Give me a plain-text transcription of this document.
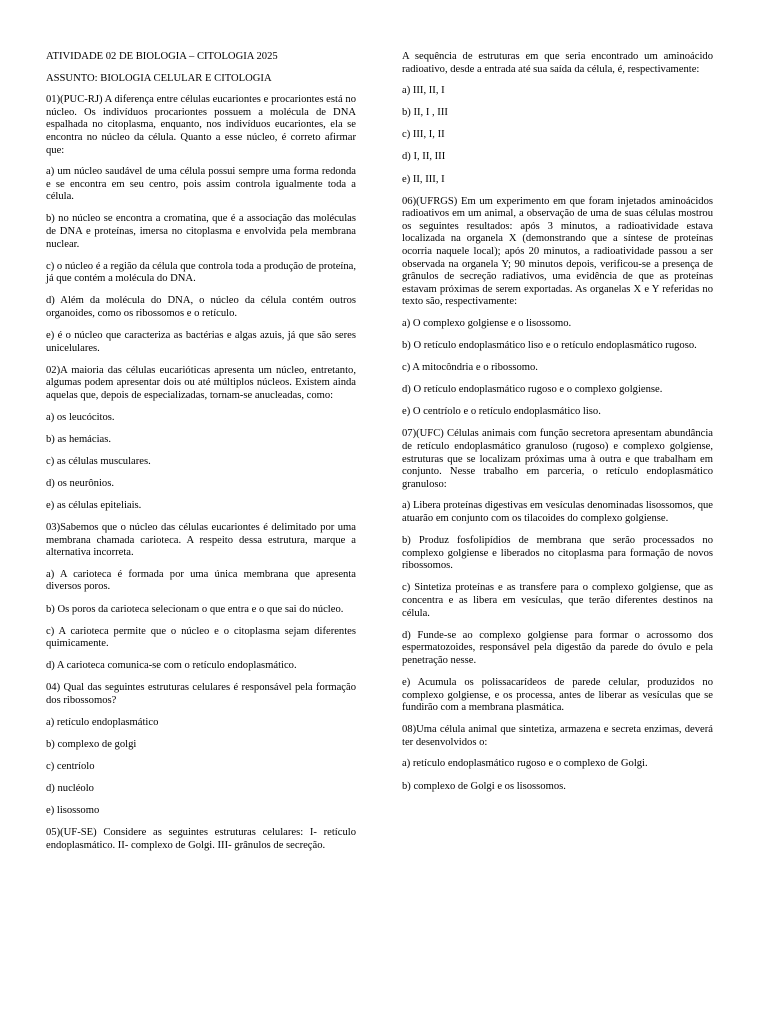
ATIVIDADE 02 DE BIOLOGIA – CITOLOGIA 2025

ASSUNTO: BIOLOGIA CELULAR E CITOLOGIA

01)(PUC-RJ) A diferença entre células eucariontes e procariontes está no núcleo. Os indivíduos procariontes possuem a molécula de DNA espalhada no citoplasma, enquanto, nos indivíduos eucariontes, ela se encontra no núcleo da célula. Quanto a esse núcleo, é correto afirmar que:

a) um núcleo saudável de uma célula possui sempre uma forma redonda e se encontra em seu centro, pois assim controla igualmente toda a célula.

b) no núcleo se encontra a cromatina, que é a associação das moléculas de DNA e proteínas, imersa no citoplasma e envolvida pela membrana nuclear.

c) o núcleo é a região da célula que controla toda a produção de proteína, já que contém a molécula do DNA.

d) Além da molécula do DNA, o núcleo da célula contém outros organoides, como os ribossomos e o retículo.

e) é o núcleo que caracteriza as bactérias e algas azuis, já que são seres unicelulares.

02)A maioria das células eucarióticas apresenta um núcleo, entretanto, algumas podem apresentar dois ou até múltiplos núcleos. Existem ainda aquelas que, depois de especializadas, tornam-se anucleadas, como:

a) os leucócitos.

b) as hemácias.

c) as células musculares.

d) os neurônios.

e) as células epiteliais.

03)Sabemos que o núcleo das células eucariontes é delimitado por uma membrana chamada carioteca. A respeito dessa estrutura, marque a alternativa incorreta.

a) A carioteca é formada por uma única membrana que apresenta diversos poros.

b) Os poros da carioteca selecionam o que entra e o que sai do núcleo.

c) A carioteca permite que o núcleo e o citoplasma sejam diferentes quimicamente.

d) A carioteca comunica-se com o retículo endoplasmático.

04) Qual das seguintes estruturas celulares é responsável pela formação dos ribossomos?

a) retículo endoplasmático

b) complexo de golgi

c) centríolo

d) nucléolo

e) lisossomo

05)(UF-SE) Considere as seguintes estruturas celulares: I- retículo endoplasmático. II- complexo de Golgi. III- grânulos de secreção.

A sequência de estruturas em que seria encontrado um aminoácido radioativo, desde a entrada até sua saída da célula, é, respectivamente:

a) III, II, I

b) II, I , III

c) III, I, II

d) I, II, III

e) II, III, I

06)(UFRGS) Em um experimento em que foram injetados aminoácidos radioativos em um animal, a observação de uma de suas células mostrou os seguintes resultados: após 3 minutos, a radioatividade estava localizada na organela X (demonstrando que a síntese de proteínas ocorria naquele local); após 20 minutos, a radioatividade passou a ser observada na organela Y; 90 minutos depois, verificou-se a presença de grânulos de secreção radiativos, uma evidência de que as proteínas estavam próximas de serem exportadas. As organelas X e Y referidas no texto são, respectivamente:

a) O complexo golgiense e o lisossomo.

b) O retículo endoplasmático liso e o retículo endoplasmático rugoso.

c) A mitocôndria e o ribossomo.

d) O retículo endoplasmático rugoso e o complexo golgiense.

e) O centríolo e o retículo endoplasmático liso.

07)(UFC) Células animais com função secretora apresentam abundância de retículo endoplasmático granuloso (rugoso) e complexo golgiense, estruturas que se localizam próximas uma à outra e que trabalham em conjunto. Nesse trabalho em parceria, o retículo endoplasmático granuloso:

a) Libera proteínas digestivas em vesículas denominadas lisossomos, que atuarão em conjunto com os tilacoides do complexo golgiense.

b) Produz fosfolipídios de membrana que serão processados no complexo golgiense e liberados no citoplasma para formação de novos ribossomos.

c) Sintetiza proteínas e as transfere para o complexo golgiense, que as concentra e as libera em vesículas, que terão diferentes destinos na célula.

d) Funde-se ao complexo golgiense para formar o acrossomo dos espermatozoides, responsável pela digestão da parede do óvulo e pela penetração nesse.

e) Acumula os polissacarídeos de parede celular, produzidos no complexo golgiense, e os processa, antes de liberar as vesículas que se fundirão com a membrana plasmática.

08)Uma célula animal que sintetiza, armazena e secreta enzimas, deverá ter desenvolvidos o:

a) retículo endoplasmático rugoso e o complexo de Golgi.

b) complexo de Golgi e os lisossomos.
